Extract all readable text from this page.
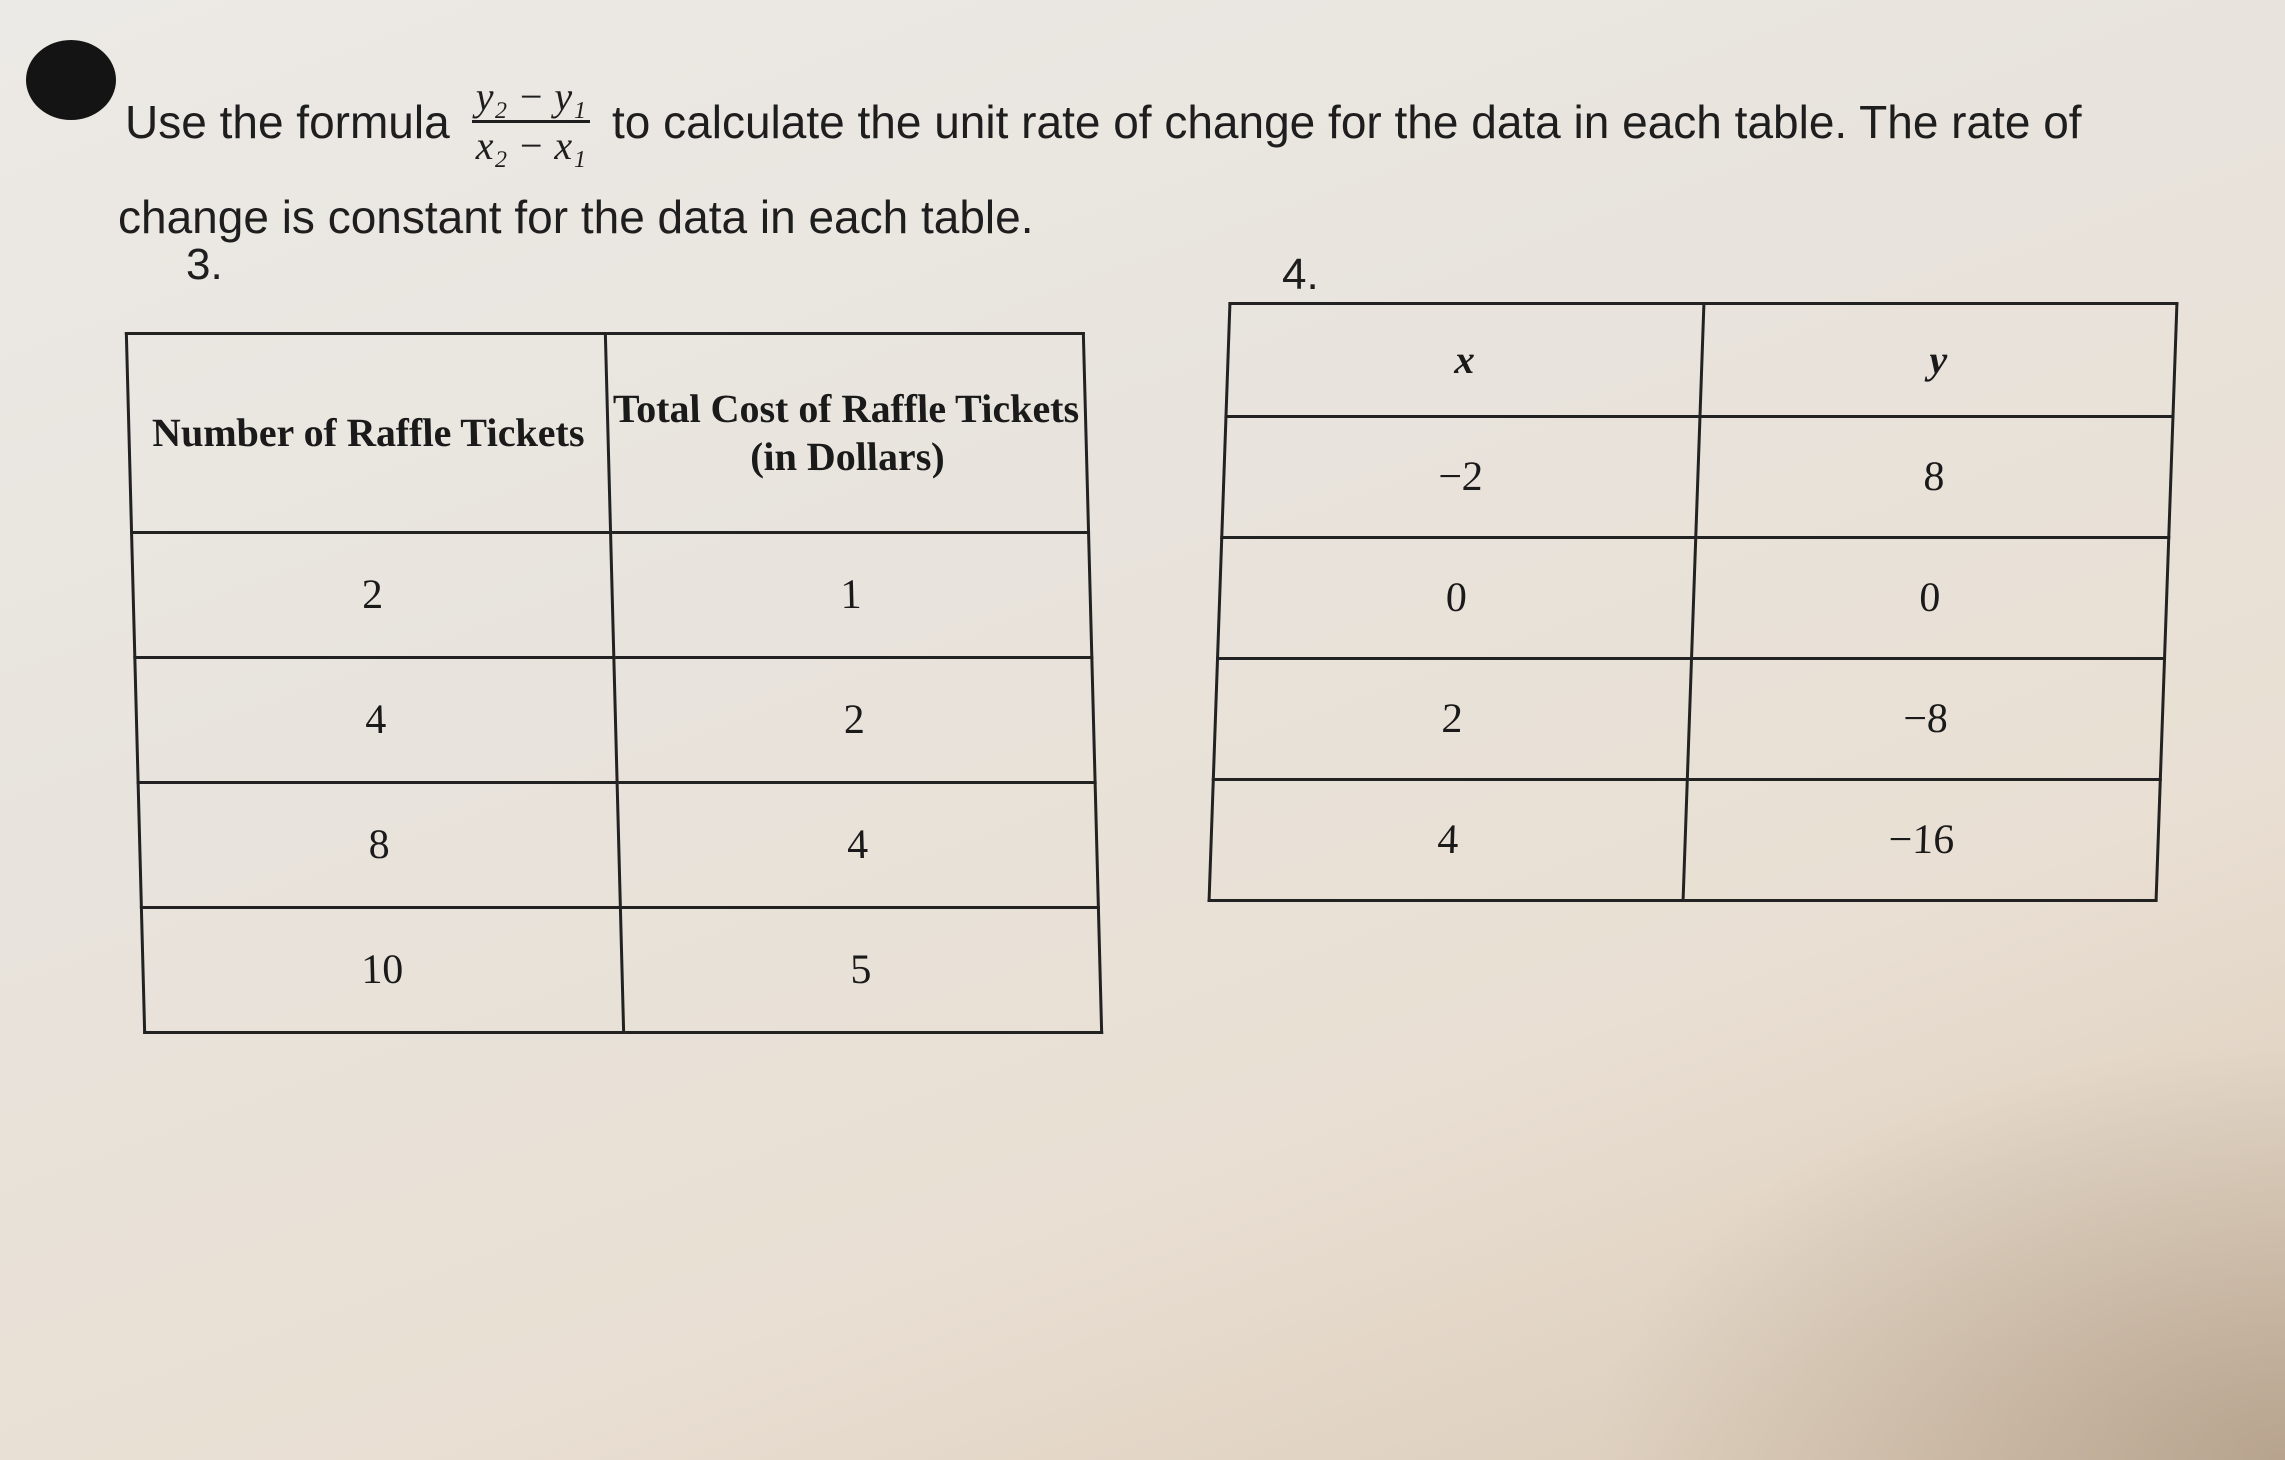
Use the formula $\frac{\text{y₂ − y₁}}{\text{x₂ − x₁}}$ to calculate the unit rate of change for the data in each table. The rate of
change is constant for the data in each table.
3.	4.
Number of Raffle Tickets	Total Cost of Raffle Tickets (in Dollars)
2	1
4	2
8	4
10	5
x	y
−2	8
0	0
2	−8
4	−16
